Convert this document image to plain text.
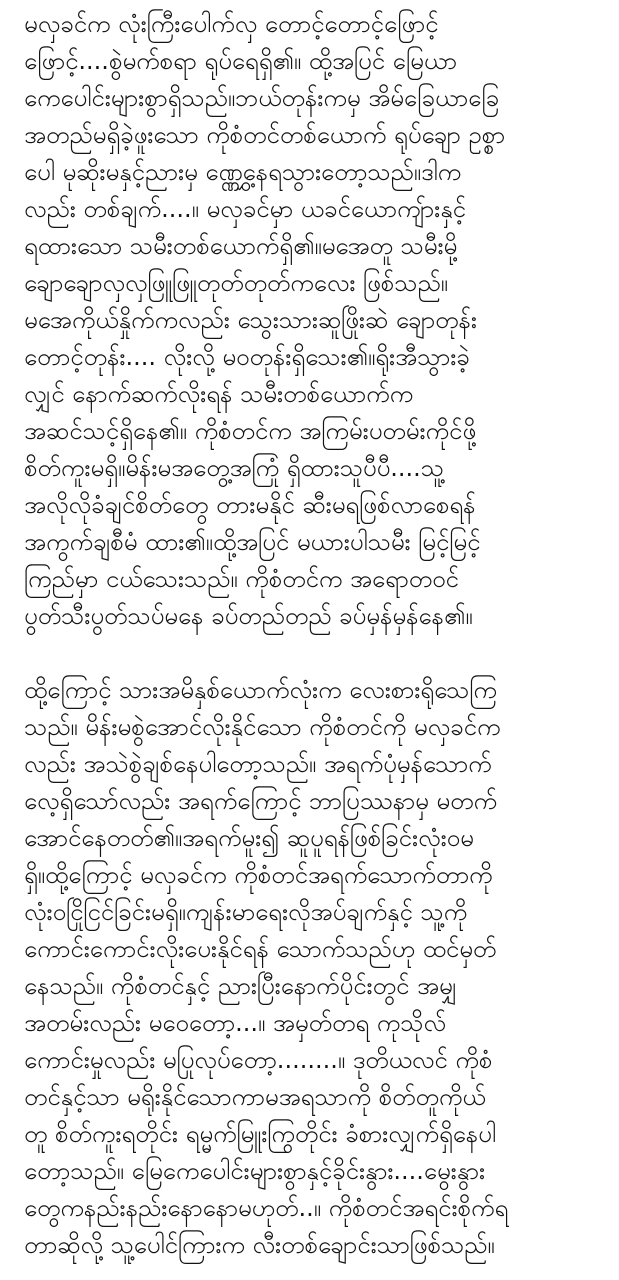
မလှခင်က လုံးကြီးပေါက်လှ တောင့်တောင့်ဖြောင့်
ဖြောင့်....စွဲမက်စရာ ရုပ်ရေရှိ၏။ ထို့အပြင် မြေယာ
ကေပေါင်းများစွာရှိသည်။ဘယ်တုန်းကမှ အိမ်ခြေယာခြေ
အတည်မရှိခဲ့ဖူးသော ကိုစံတင်တစ်ယောက် ရုပ်ချော ဥစ္စာ
ပေါ မုဆိုးမနှင့်ညားမှ ဏ္ဏွှေ့နေရသွားတော့သည်။ဒါက
လည်း တစ်ချက်....။ မလှခင်မှာ ယခင်ယောကျ်ားနှင့်
ရထားသော သမီးတစ်ယောက်ရှိ၏။မအေတူ သမီးမို့
ချောချောလှလှဖြူဖြူတုတ်တုတ်ကလေး ဖြစ်သည်။
မအေကိုယ်နှိုက်ကလည်း သွေးသားဆူဖြိုးဆဲ ချောတုန်း
တောင့်တုန်း.... လိုးလို့ မဝတုန်းရှိသေး၏။ရိုးအီသွားခဲ့
လျှင် နောက်ဆက်လိုးရန် သမီးတစ်ယောက်က
အဆင်သင့်ရှိနေ၏။ ကိုစံတင်က အကြမ်းပတမ်းကိုင်ဖို့
စိတ်ကူးမရှိ။မိန်းမအတွေ့အကြုံ ရှိထားသူပီပီ....သူ့
အလိုလိုခံချင်စိတ်တွေ တားမနိုင် ဆီးမရဖြစ်လာစေရန်
အကွက်ချစီမံ ထား၏။ထို့အပြင် မယားပါသမီး မြင့်မြင့်
ကြည်မှာ ငယ်သေးသည်။ ကိုစံတင်က အရောတဝင်
ပွတ်သီးပွတ်သပ်မနေ ခပ်တည်တည် ခပ်မှန်မှန်နေ၏။
ထို့ကြောင့် သားအမိနှစ်ယောက်လုံးက လေးစားရိုသေကြ
သည်။ မိန်းမစွဲအောင်လိုးနိုင်သော ကိုစံတင်ကို မလှခင်က
လည်း အသဲစွဲချစ်နေပါတော့သည်။ အရက်ပုံမှန်သောက်
လေ့ရှိသော်လည်း အရက်ကြောင့် ဘာပြဿနာမှ မတက်
အောင်နေတတ်၏။အရက်မူး၍ ဆူပူရန်ဖြစ်ခြင်းလုံးဝမ
ရှိ။ထို့ကြောင့် မလှခင်က ကိုစံတင်အရက်သောက်တာကို
လုံးဝငြိုငြင်ခြင်းမရှိ။ကျန်းမာရေးလိုအပ်ချက်နှင့် သူ့ကို
ကောင်းကောင်းလိုးပေးနိုင်ရန် သောက်သည်ဟု ထင်မှတ်
နေသည်။ ကိုစံတင်နှင့် ညားပြီးနောက်ပိုင်းတွင် အမျှ
အတမ်းလည်း မဝေတော့...။ အမှတ်တရ ကုသိုလ်
ကောင်းမှုလည်း မပြုလုပ်တော့........။ ဒုတိယလင် ကိုစံ
တင်နှင့်သာ မရိုးနိုင်သောကာမအရသာကို စိတ်တူကိုယ်
တူ စိတ်ကူးရတိုင်း ရမ္မက်မြူးကြွတိုင်း ခံစားလျှက်ရှိနေပါ
တော့သည်။ မြေကေပေါင်းများစွာနှင့်ခိုင်းနွား....မွေးနွား
တွေကနည်းနည်းနောနောမဟုတ်..။ ကိုစံတင်အရင်းစိုက်ရ
တာဆိုလို့ သူ့ပေါင်ကြားက လီးတစ်ချောင်းသာဖြစ်သည်။
